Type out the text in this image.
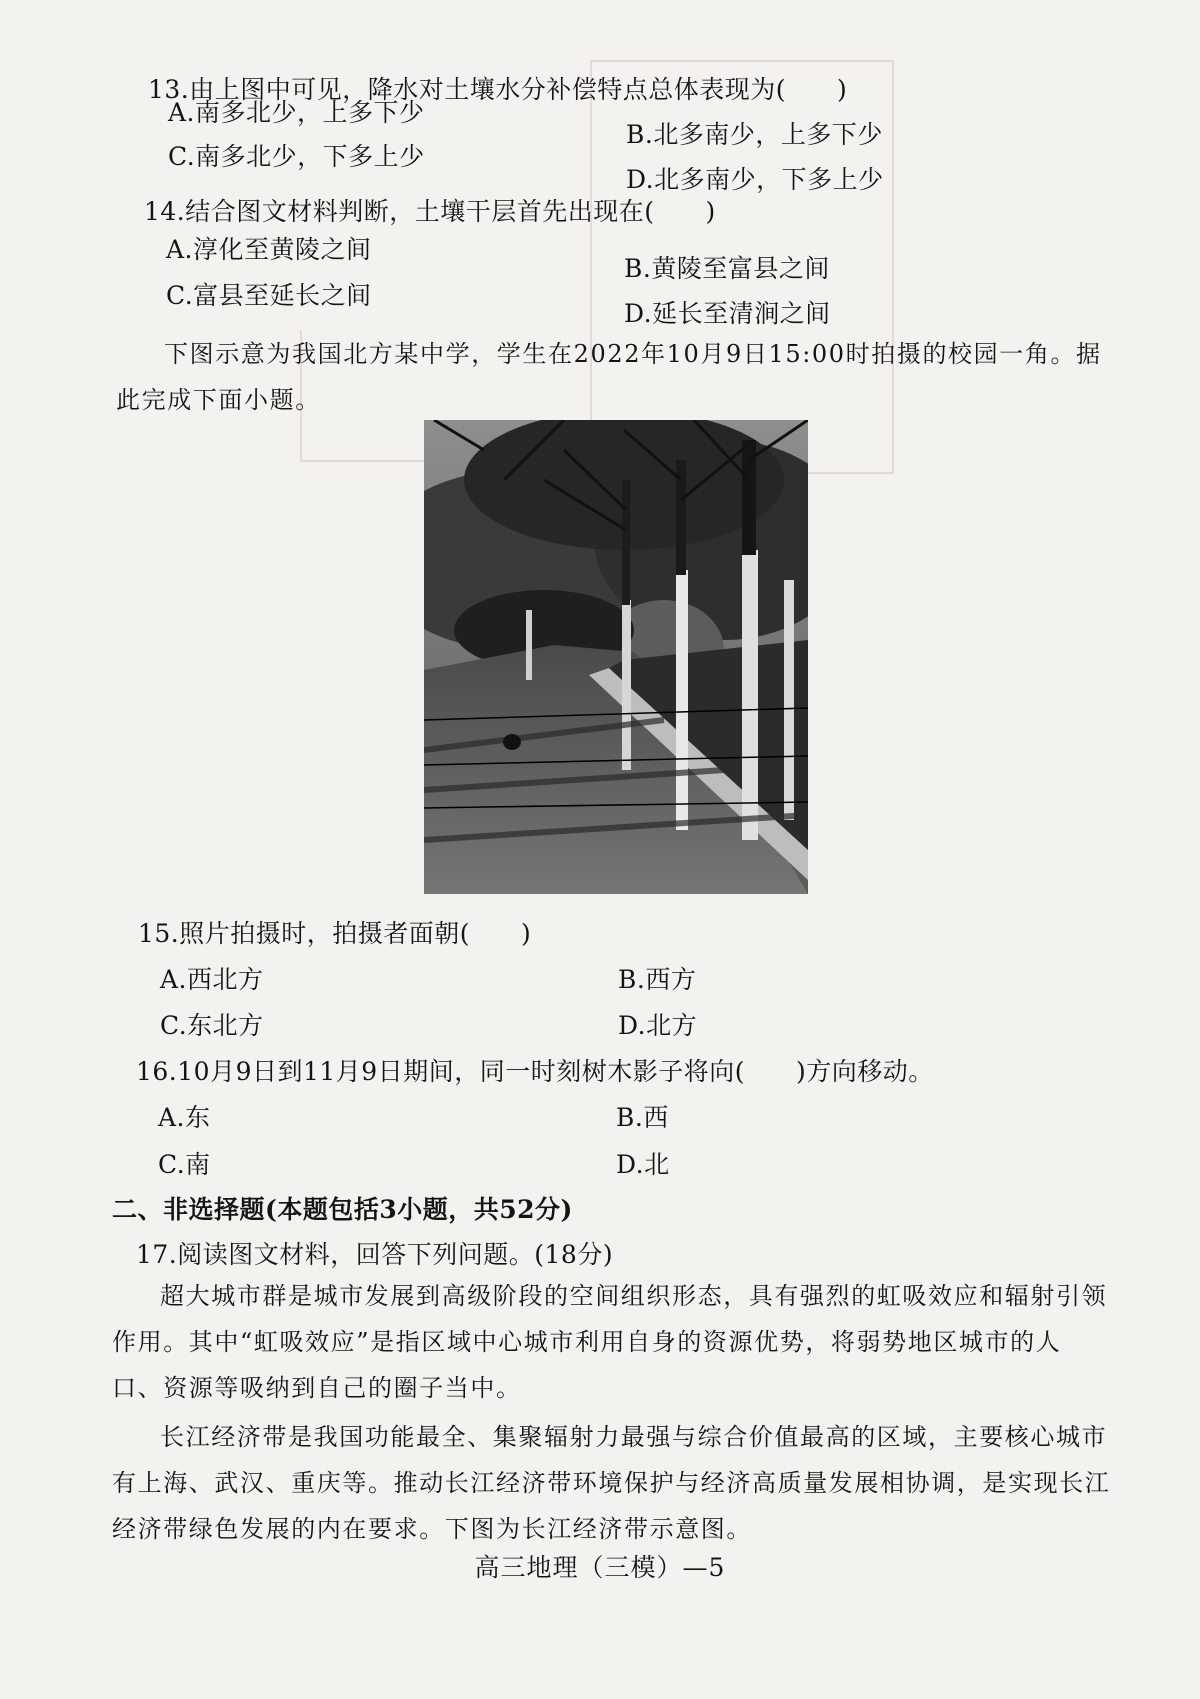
13.由上图中可见，降水对土壤水分补偿特点总体表现为(　　)
A.南多北少，上多下少
B.北多南少，上多下少
C.南多北少，下多上少
D.北多南少，下多上少
14.结合图文材料判断，土壤干层首先出现在(　　)
A.淳化至黄陵之间
B.黄陵至富县之间
C.富县至延长之间
D.延长至清涧之间
下图示意为我国北方某中学，学生在2022年10月9日15:00时拍摄的校园一角。据此完成下面小题。
15.照片拍摄时，拍摄者面朝(　　)
A.西北方	B.西方
C.东北方	D.北方
16.10月9日到11月9日期间，同一时刻树木影子将向(　　)方向移动。
A.东	B.西
C.南	D.北
二、非选择题(本题包括3小题，共52分)
17.阅读图文材料，回答下列问题。(18分)
超大城市群是城市发展到高级阶段的空间组织形态，具有强烈的虹吸效应和辐射引领作用。其中“虹吸效应”是指区域中心城市利用自身的资源优势，将弱势地区城市的人口、资源等吸纳到自己的圈子当中。
长江经济带是我国功能最全、集聚辐射力最强与综合价值最高的区域，主要核心城市有上海、武汉、重庆等。推动长江经济带环境保护与经济高质量发展相协调，是实现长江经济带绿色发展的内在要求。下图为长江经济带示意图。
高三地理（三模）—5
